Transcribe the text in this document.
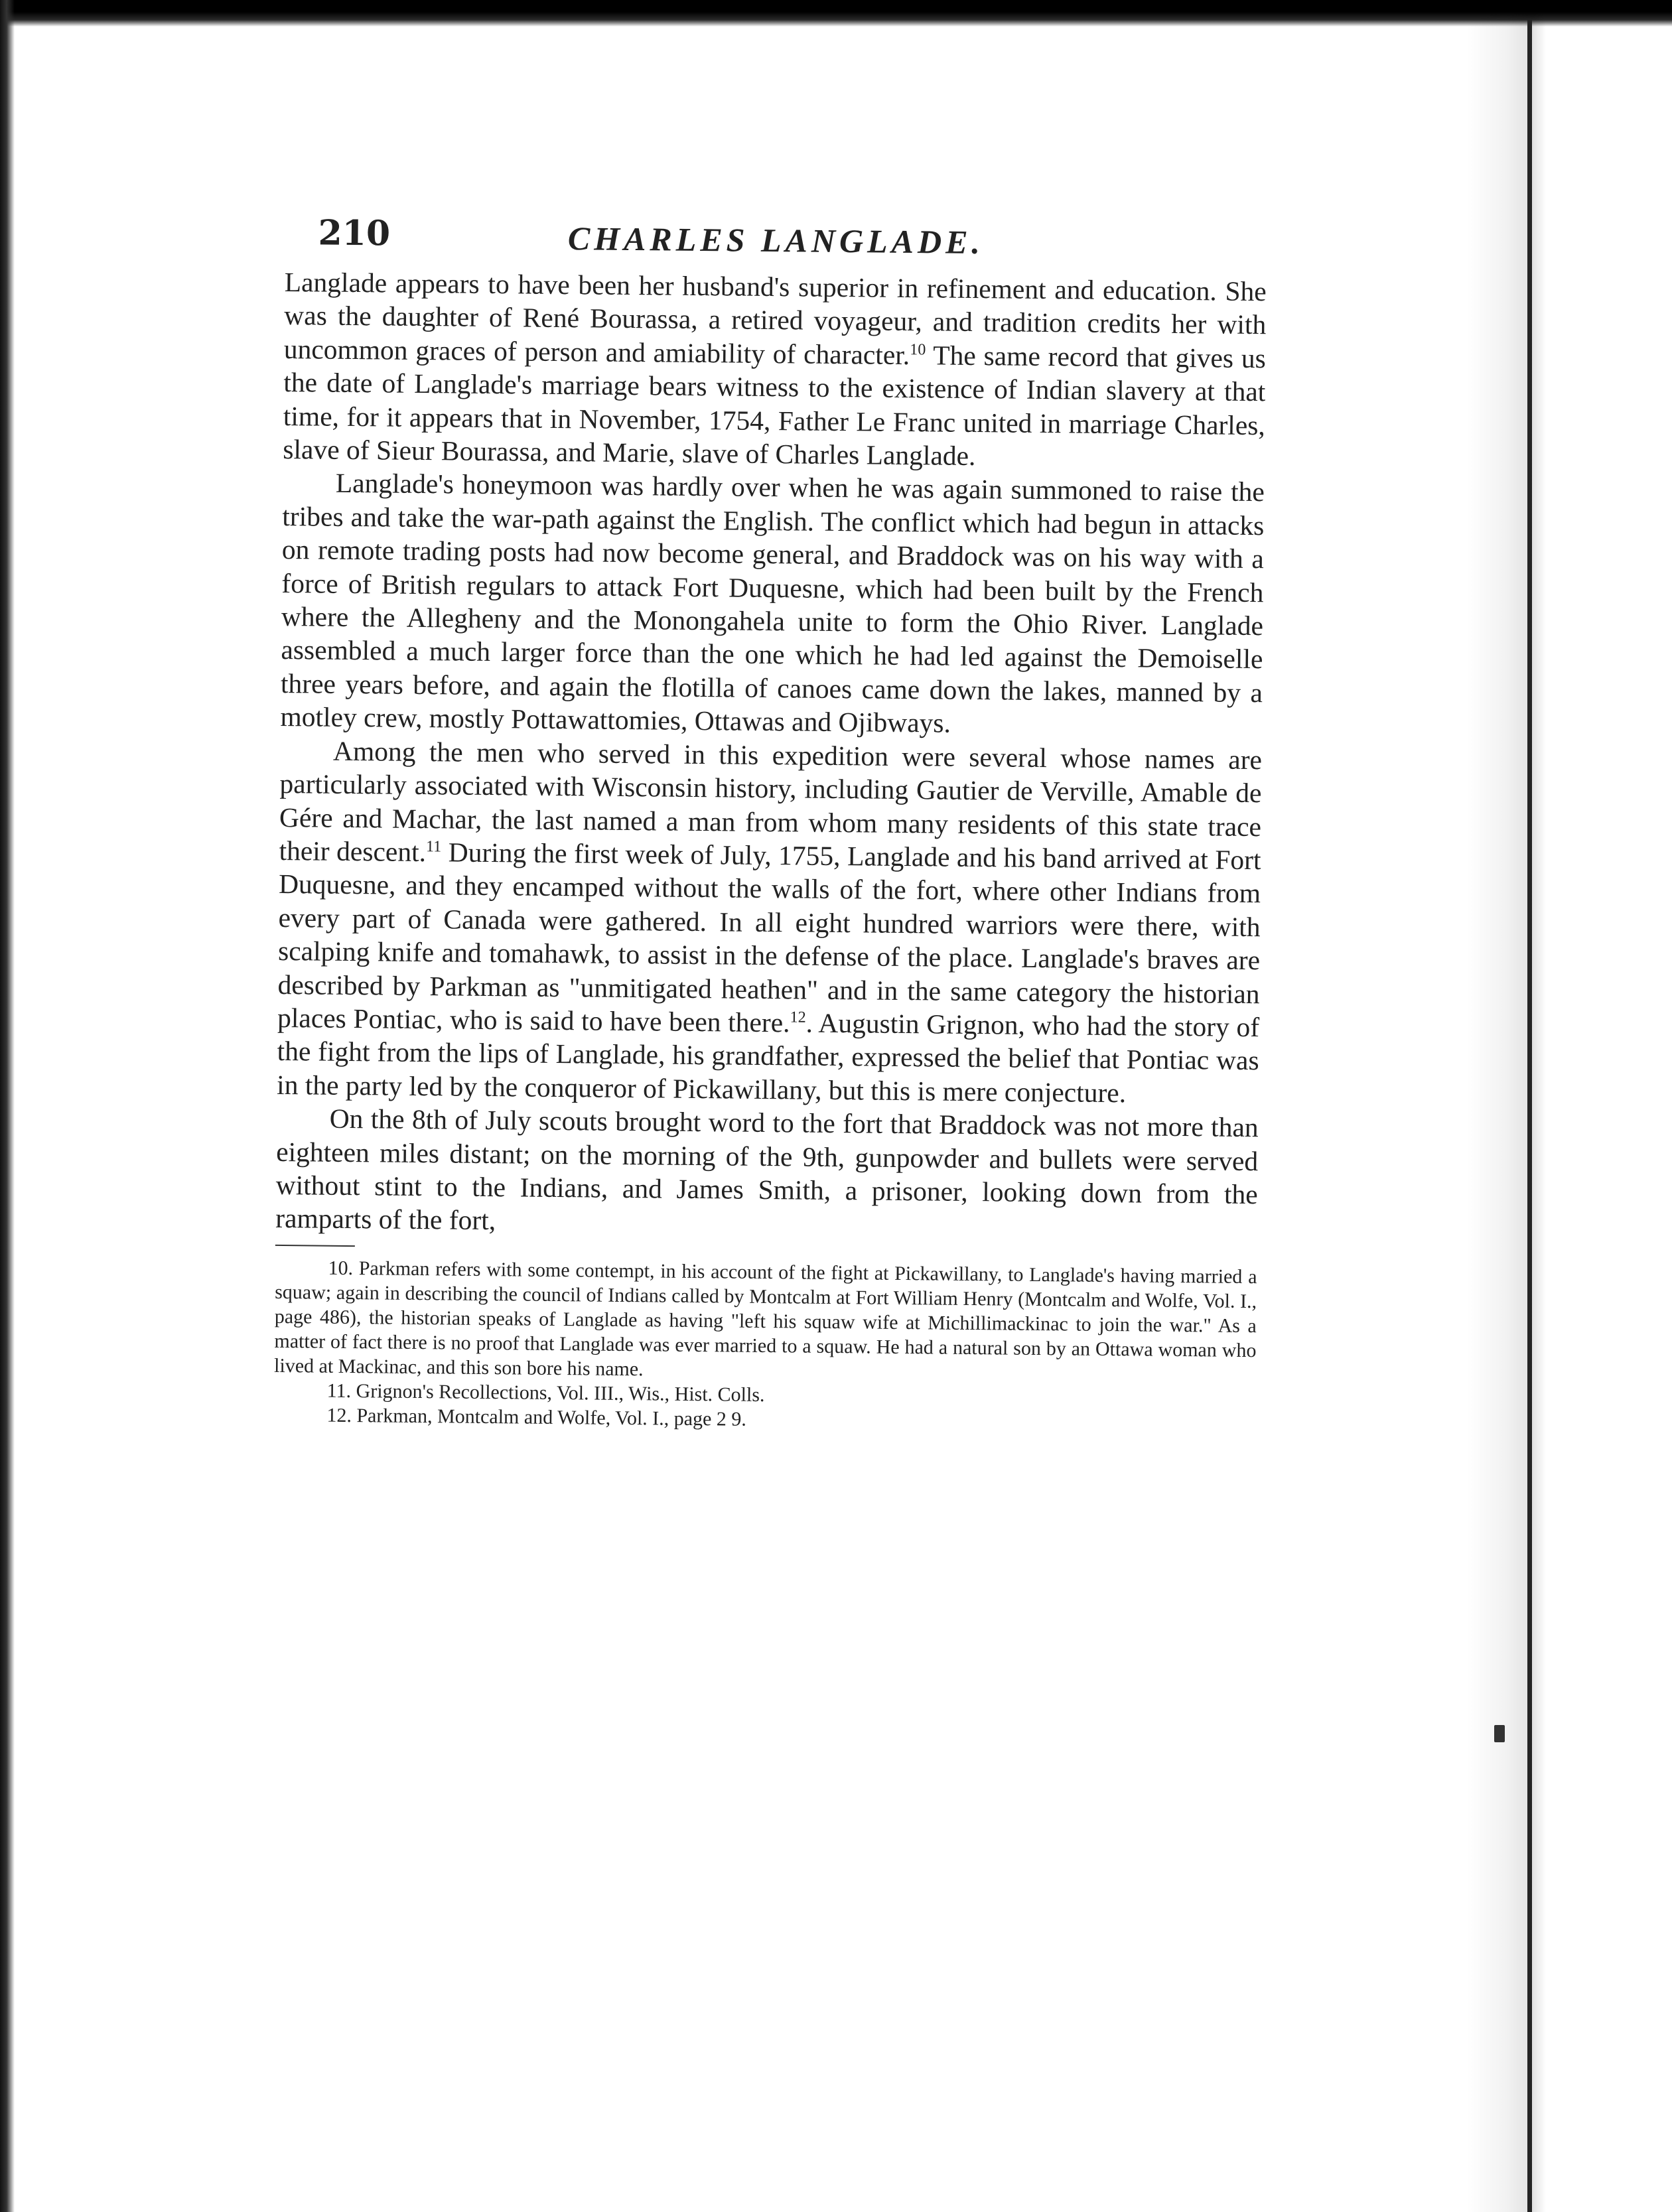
210	CHARLES LANGLADE.

Langlade appears to have been her husband's superior in refinement and education. She was the daughter of René Bourassa, a retired voyageur, and tradition credits her with uncommon graces of person and amiability of character.$^{10}$ The same record that gives us the date of Langlade's marriage bears witness to the existence of Indian slavery at that time, for it appears that in November, 1754, Father Le Franc united in marriage Charles, slave of Sieur Bourassa, and Marie, slave of Charles Langlade.

Langlade's honeymoon was hardly over when he was again summoned to raise the tribes and take the war-path against the English. The conflict which had begun in attacks on remote trading posts had now become general, and Braddock was on his way with a force of British regulars to attack Fort Duquesne, which had been built by the French where the Allegheny and the Monongahela unite to form the Ohio River. Langlade assembled a much larger force than the one which he had led against the Demoiselle three years before, and again the flotilla of canoes came down the lakes, manned by a motley crew, mostly Pottawattomies, Ottawas and Ojibways.

Among the men who served in this expedition were several whose names are particularly associated with Wisconsin history, including Gautier de Verville, Amable de Gére and Machar, the last named a man from whom many residents of this state trace their descent.$^{11}$ During the first week of July, 1755, Langlade and his band arrived at Fort Duquesne, and they encamped without the walls of the fort, where other Indians from every part of Canada were gathered. In all eight hundred warriors were there, with scalping knife and tomahawk, to assist in the defense of the place. Langlade's braves are described by Parkman as "unmitigated heathen" and in the same category the historian places Pontiac, who is said to have been there.$^{12}$. Augustin Grignon, who had the story of the fight from the lips of Langlade, his grandfather, expressed the belief that Pontiac was in the party led by the conqueror of Pickawillany, but this is mere conjecture.

On the 8th of July scouts brought word to the fort that Braddock was not more than eighteen miles distant; on the morning of the 9th, gunpowder and bullets were served without stint to the Indians, and James Smith, a prisoner, looking down from the ramparts of the fort,

10. Parkman refers with some contempt, in his account of the fight at Pickawillany, to Langlade's having married a squaw; again in describing the council of Indians called by Montcalm at Fort William Henry (Montcalm and Wolfe, Vol. I., page 486), the historian speaks of Langlade as having "left his squaw wife at Michillimackinac to join the war." As a matter of fact there is no proof that Langlade was ever married to a squaw. He had a natural son by an Ottawa woman who lived at Mackinac, and this son bore his name.

11. Grignon's Recollections, Vol. III., Wis., Hist. Colls.

12. Parkman, Montcalm and Wolfe, Vol. I., page 2 9.
